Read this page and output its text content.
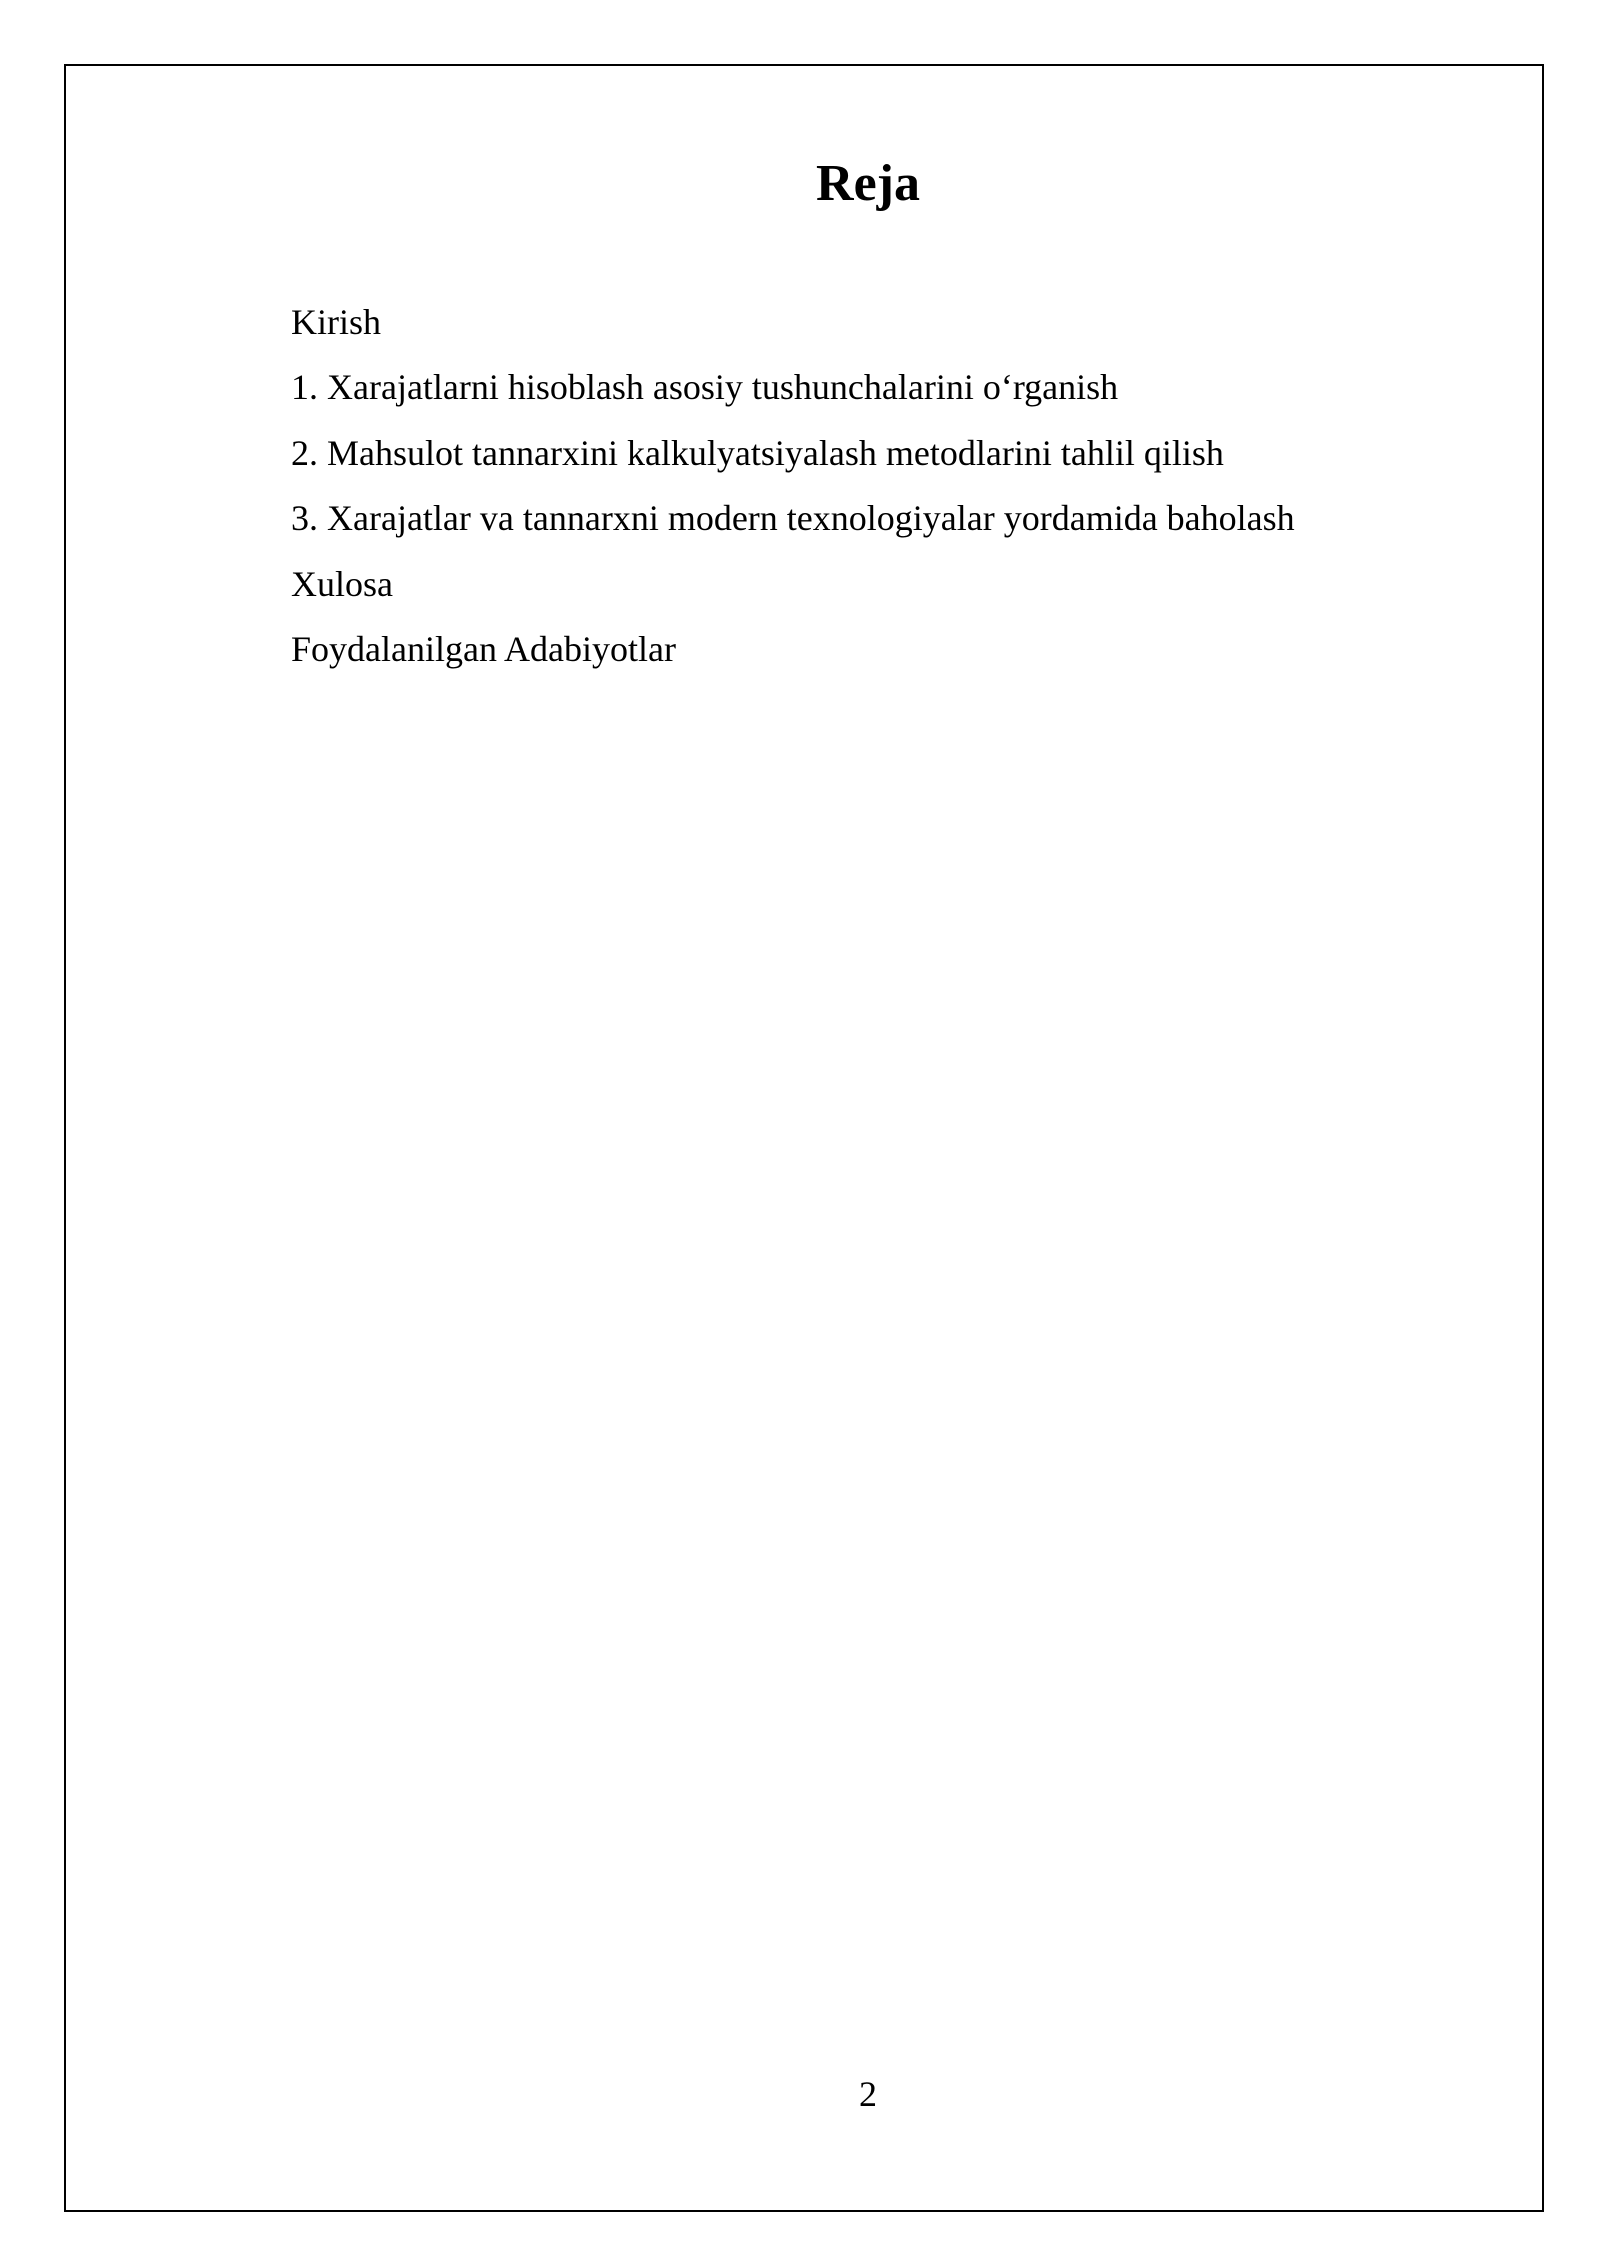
Reja
Kirish
1. Xarajatlarni hisoblash asosiy tushunchalarini o‘rganish
2. Mahsulot tannarxini kalkulyatsiyalash metodlarini tahlil qilish
3. Xarajatlar va tannarxni modern texnologiyalar yordamida baholash
Xulosa
Foydalanilgan Adabiyotlar
2
